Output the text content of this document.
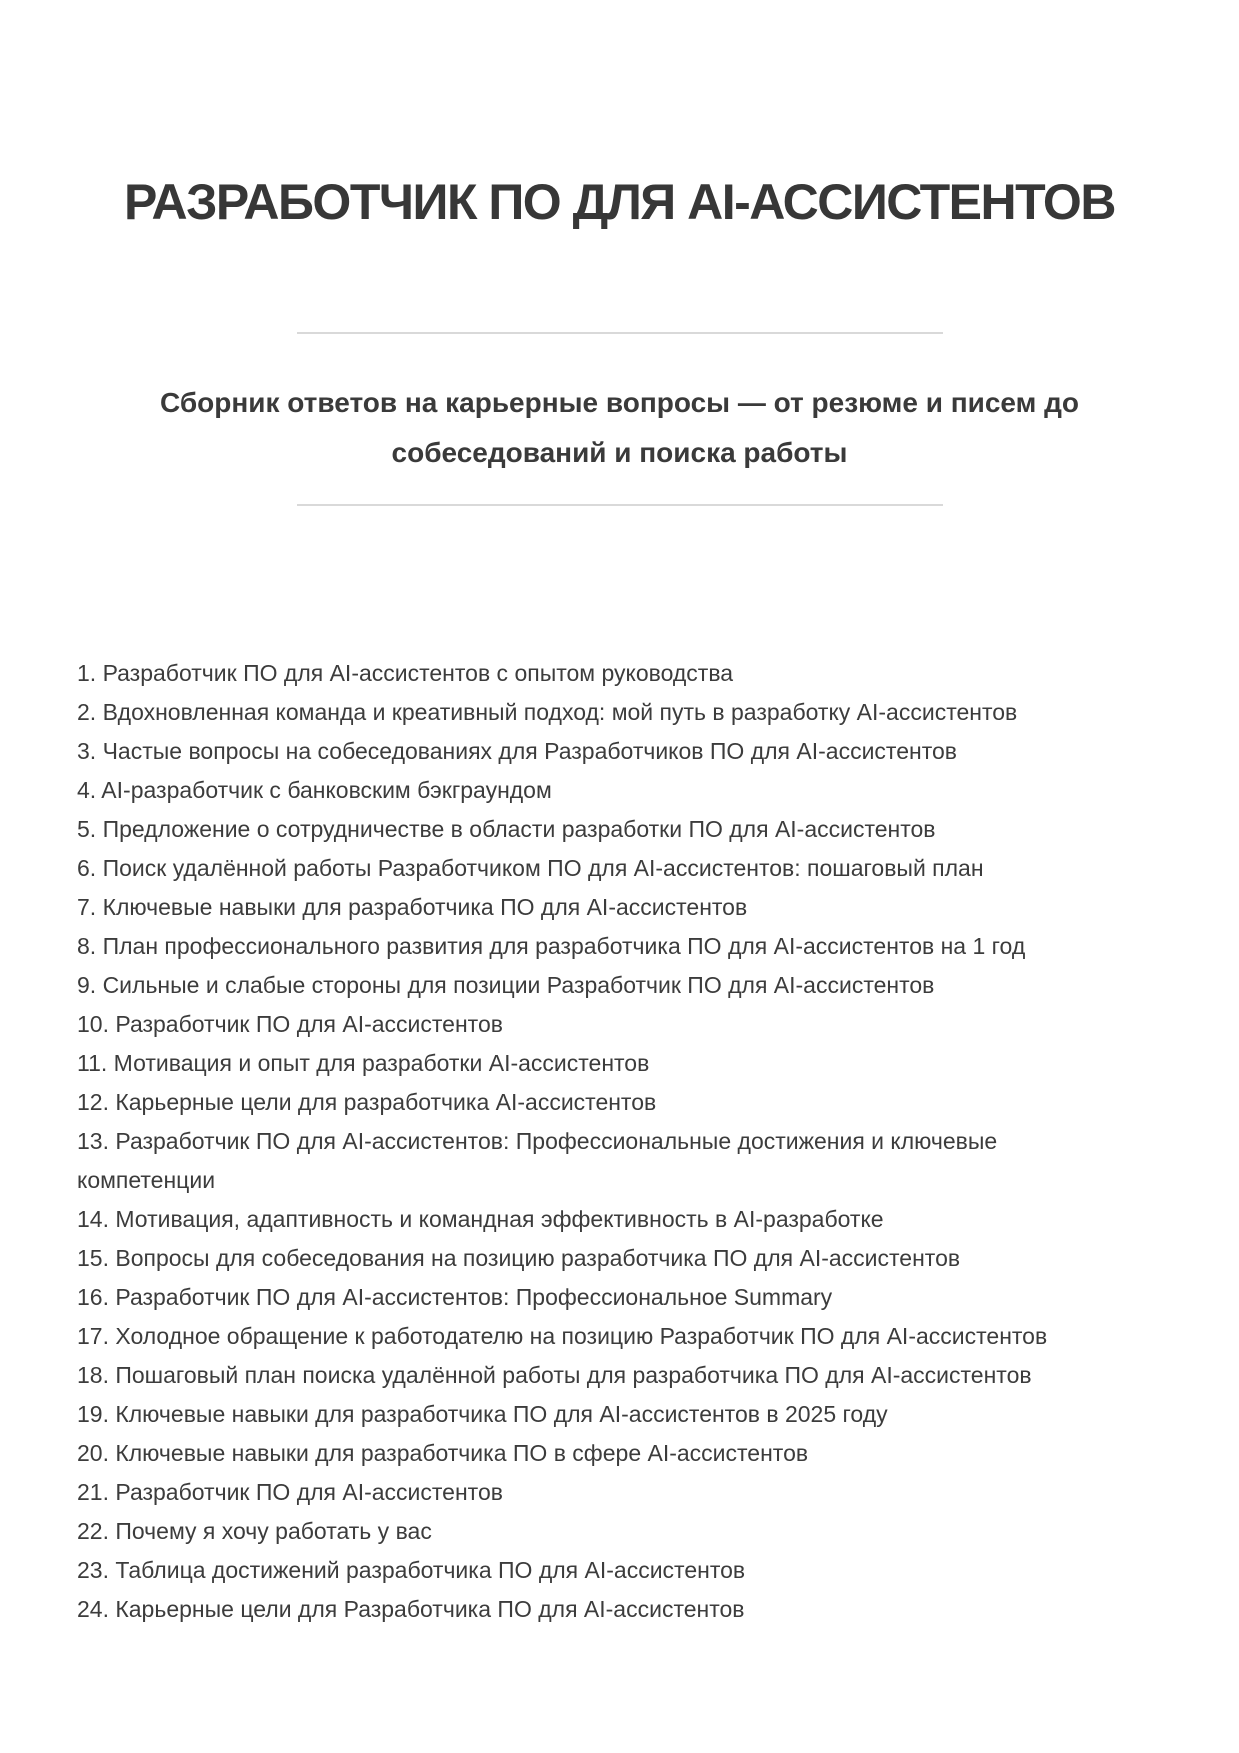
РАЗРАБОТЧИК ПО ДЛЯ AI-АССИСТЕНТОВ
Сборник ответов на карьерные вопросы — от резюме и писем до собеседований и поиска работы
1. Разработчик ПО для AI-ассистентов с опытом руководства
2. Вдохновленная команда и креативный подход: мой путь в разработку AI-ассистентов
3. Частые вопросы на собеседованиях для Разработчиков ПО для AI-ассистентов
4. AI-разработчик с банковским бэкграундом
5. Предложение о сотрудничестве в области разработки ПО для AI-ассистентов
6. Поиск удалённой работы Разработчиком ПО для AI-ассистентов: пошаговый план
7. Ключевые навыки для разработчика ПО для AI-ассистентов
8. План профессионального развития для разработчика ПО для AI-ассистентов на 1 год
9. Сильные и слабые стороны для позиции Разработчик ПО для AI-ассистентов
10. Разработчик ПО для AI-ассистентов
11. Мотивация и опыт для разработки AI-ассистентов
12. Карьерные цели для разработчика AI-ассистентов
13. Разработчик ПО для AI-ассистентов: Профессиональные достижения и ключевые компетенции
14. Мотивация, адаптивность и командная эффективность в AI-разработке
15. Вопросы для собеседования на позицию разработчика ПО для AI-ассистентов
16. Разработчик ПО для AI-ассистентов: Профессиональное Summary
17. Холодное обращение к работодателю на позицию Разработчик ПО для AI-ассистентов
18. Пошаговый план поиска удалённой работы для разработчика ПО для AI-ассистентов
19. Ключевые навыки для разработчика ПО для AI-ассистентов в 2025 году
20. Ключевые навыки для разработчика ПО в сфере AI-ассистентов
21. Разработчик ПО для AI-ассистентов
22. Почему я хочу работать у вас
23. Таблица достижений разработчика ПО для AI-ассистентов
24. Карьерные цели для Разработчика ПО для AI-ассистентов
